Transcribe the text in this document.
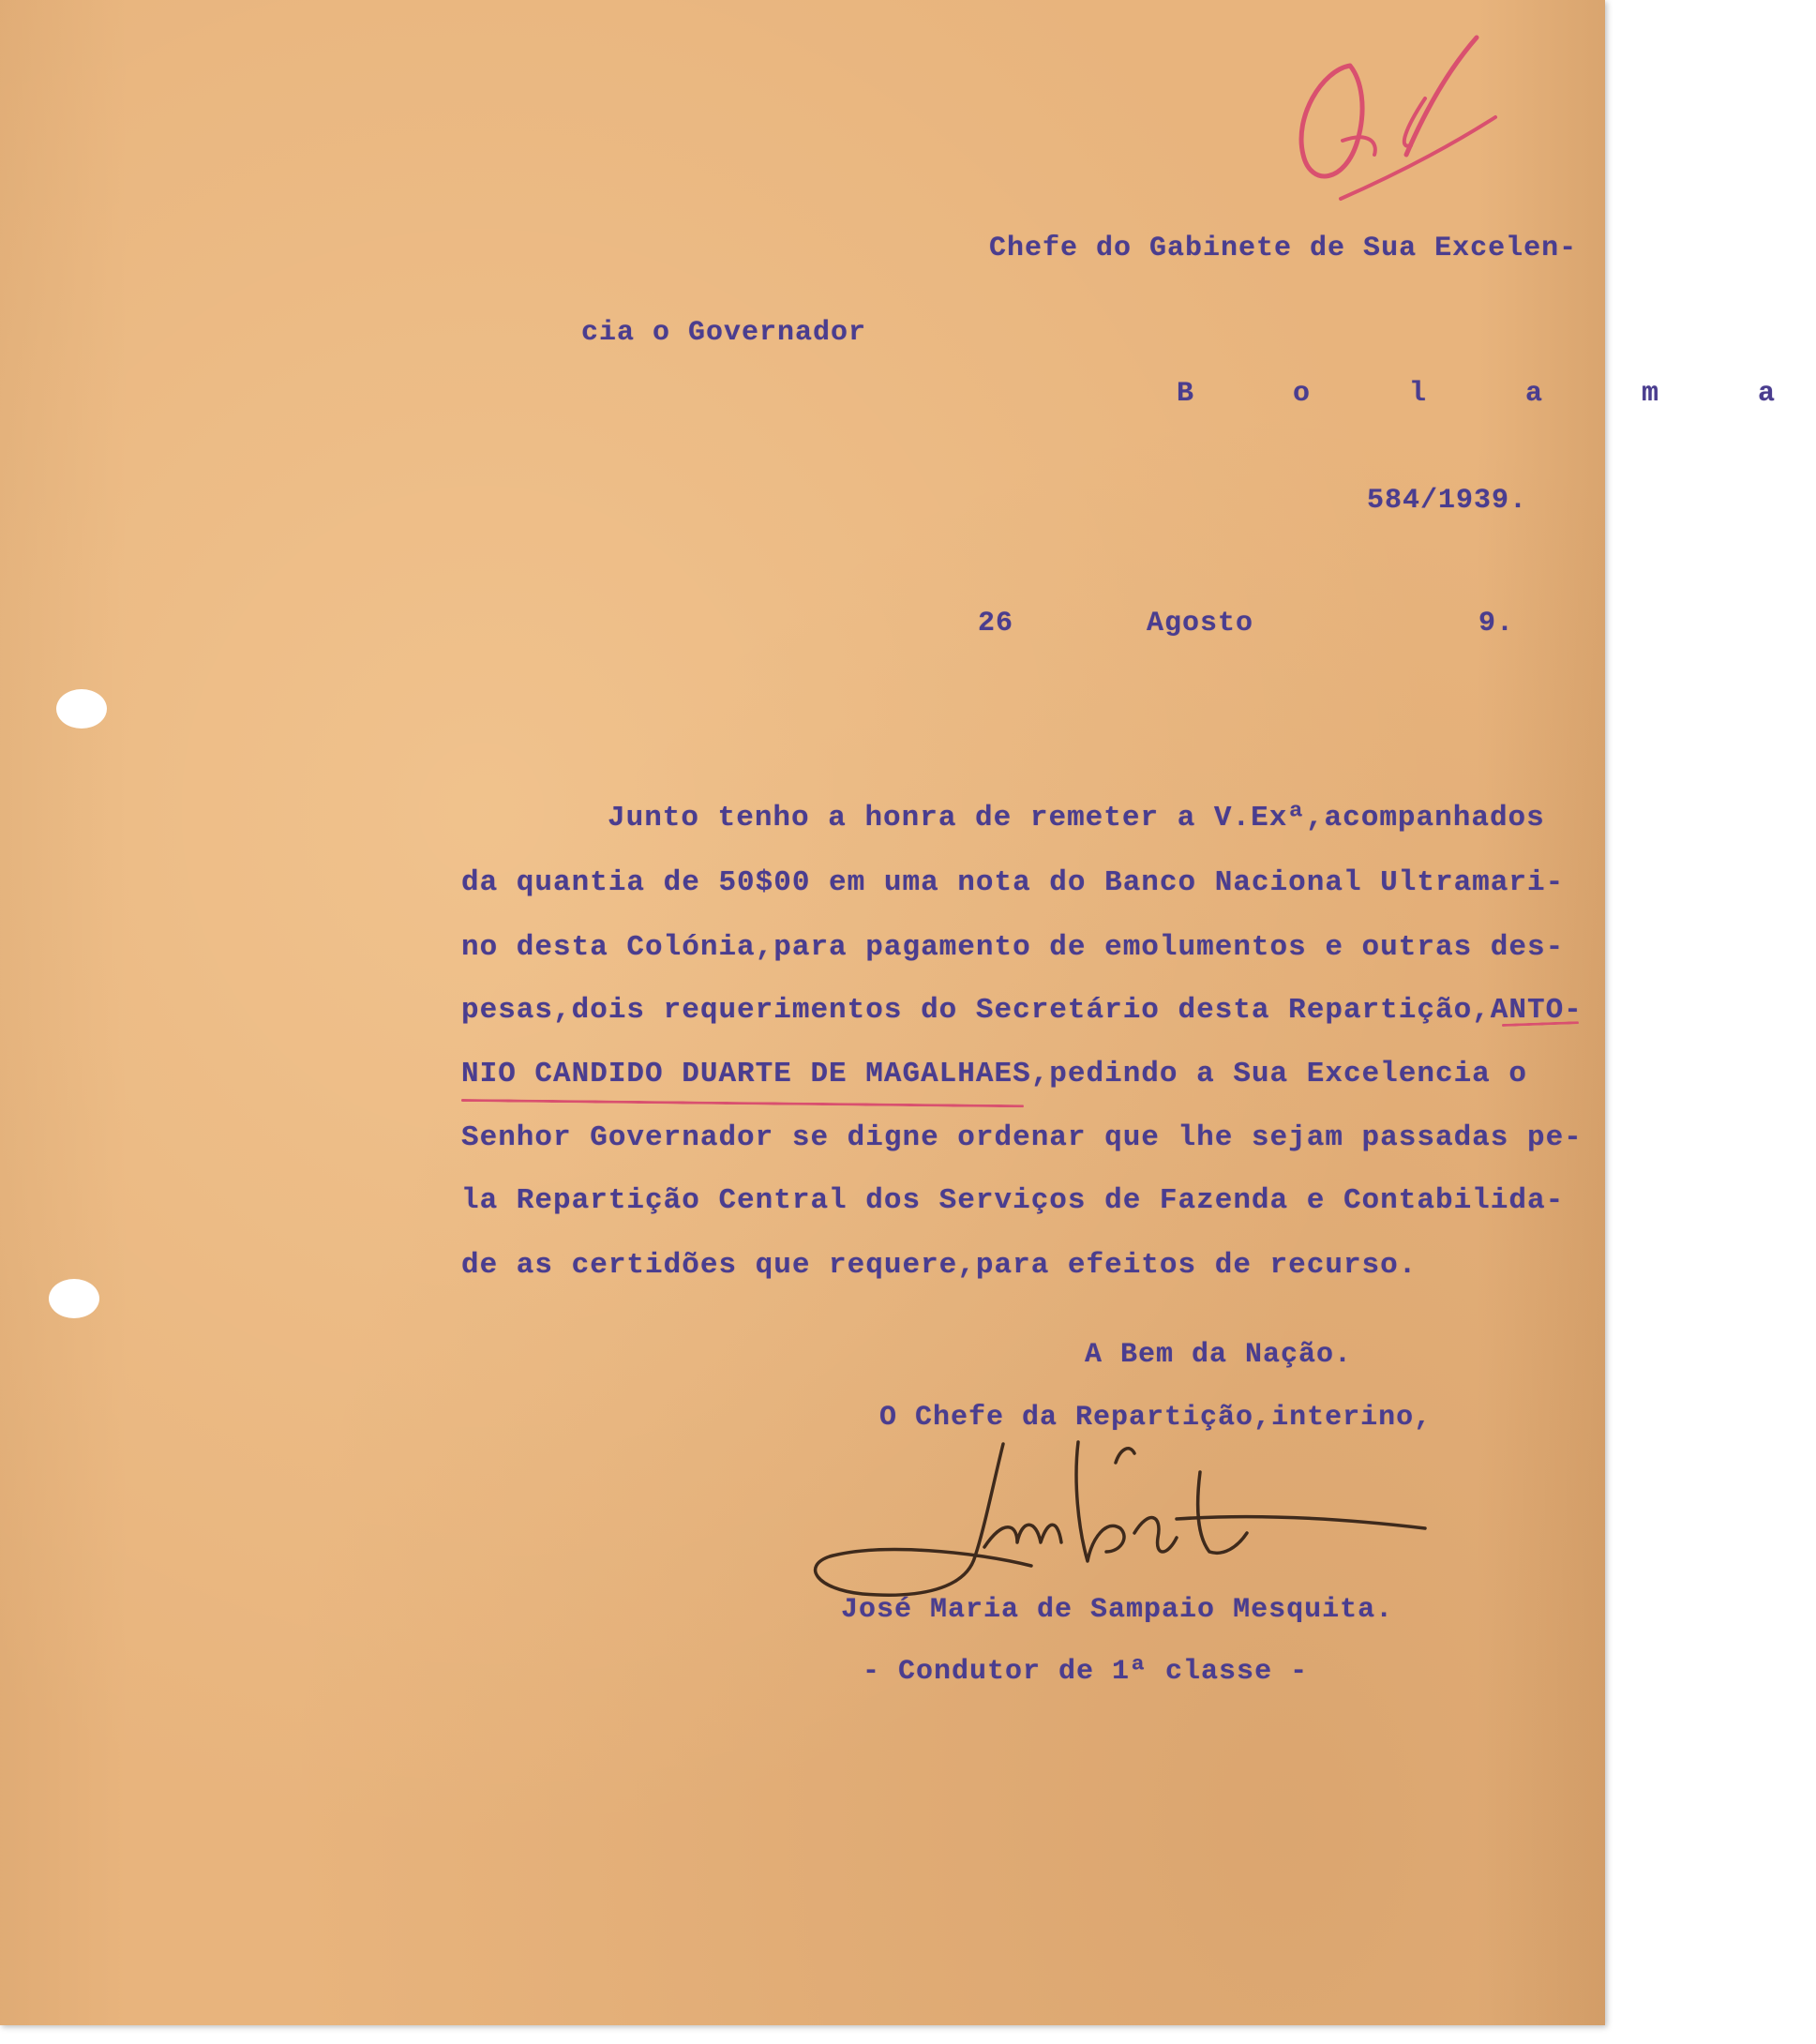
Chefe do Gabinete de Sua Excelen-
cia o Governador
B o l a m a
584/1939.
26	Agosto	9.
Junto tenho a honra de remeter a V.Exª,acompanhados
da quantia de 50$00 em uma nota do Banco Nacional Ultramari-
no desta Colónia,para pagamento de emolumentos e outras des-
pesas,dois requerimentos do Secretário desta Repartição,ANTO-
NIO CANDIDO DUARTE DE MAGALHAES,pedindo a Sua Excelencia o
Senhor Governador se digne ordenar que lhe sejam passadas pe-
la Repartição Central dos Serviços de Fazenda e Contabilida-
de as certidões que requere,para efeitos de recurso.
A Bem da Nação.
O Chefe da Repartição,interino,
José Maria de Sampaio Mesquita.
- Condutor de 1ª classe -
